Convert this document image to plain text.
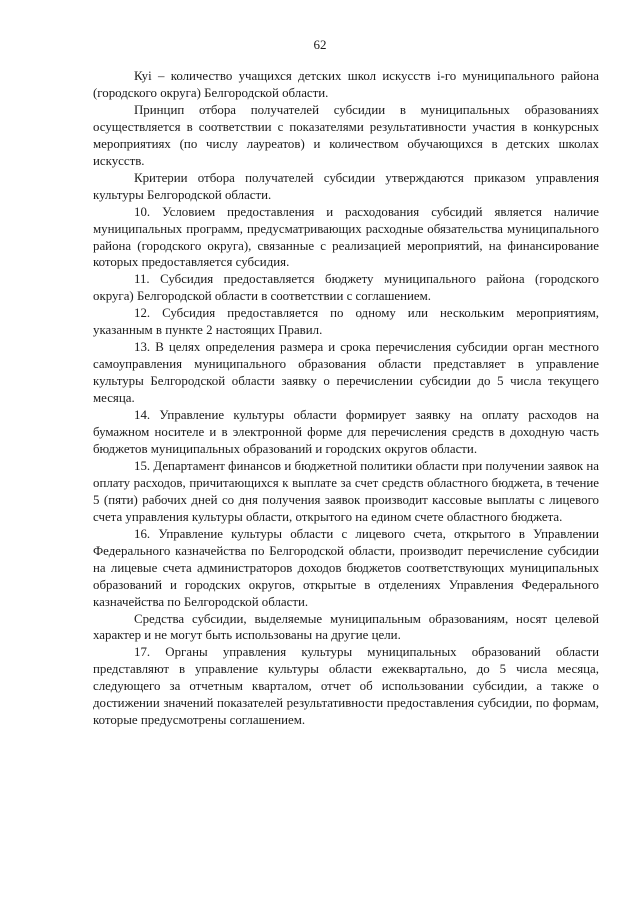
62

Куі – количество учащихся детских школ искусств і-го муниципального района (городского округа) Белгородской области.

Принцип отбора получателей субсидии в муниципальных образованиях осуществляется в соответствии с показателями результативности участия в конкурсных мероприятиях (по числу лауреатов) и количеством обучающихся в детских школах искусств.

Критерии отбора получателей субсидии утверждаются приказом управления культуры Белгородской области.

10. Условием предоставления и расходования субсидий является наличие муниципальных программ, предусматривающих расходные обязательства муниципального района (городского округа), связанные с реализацией мероприятий, на финансирование которых предоставляется субсидия.

11. Субсидия предоставляется бюджету муниципального района (городского округа) Белгородской области в соответствии с соглашением.

12. Субсидия предоставляется по одному или нескольким мероприятиям, указанным в пункте 2 настоящих Правил.

13. В целях определения размера и срока перечисления субсидии орган местного самоуправления муниципального образования области представляет в управление культуры Белгородской области заявку о перечислении субсидии до 5 числа текущего месяца.

14. Управление культуры области формирует заявку на оплату расходов на бумажном носителе и в электронной форме для перечисления средств в доходную часть бюджетов муниципальных образований и городских округов области.

15. Департамент финансов и бюджетной политики области при получении заявок на оплату расходов, причитающихся к выплате за счет средств областного бюджета, в течение 5 (пяти) рабочих дней со дня получения заявок производит кассовые выплаты с лицевого счета управления культуры области, открытого на едином счете областного бюджета.

16. Управление культуры области с лицевого счета, открытого в Управлении Федерального казначейства по Белгородской области, производит перечисление субсидии на лицевые счета администраторов доходов бюджетов соответствующих муниципальных образований и городских округов, открытые в отделениях Управления Федерального казначейства по Белгородской области.

Средства субсидии, выделяемые муниципальным образованиям, носят целевой характер и не могут быть использованы на другие цели.

17. Органы управления культуры муниципальных образований области представляют в управление культуры области ежеквартально, до 5 числа месяца, следующего за отчетным кварталом, отчет об использовании субсидии, а также о достижении значений показателей результативности предоставления субсидии, по формам, которые предусмотрены соглашением.
